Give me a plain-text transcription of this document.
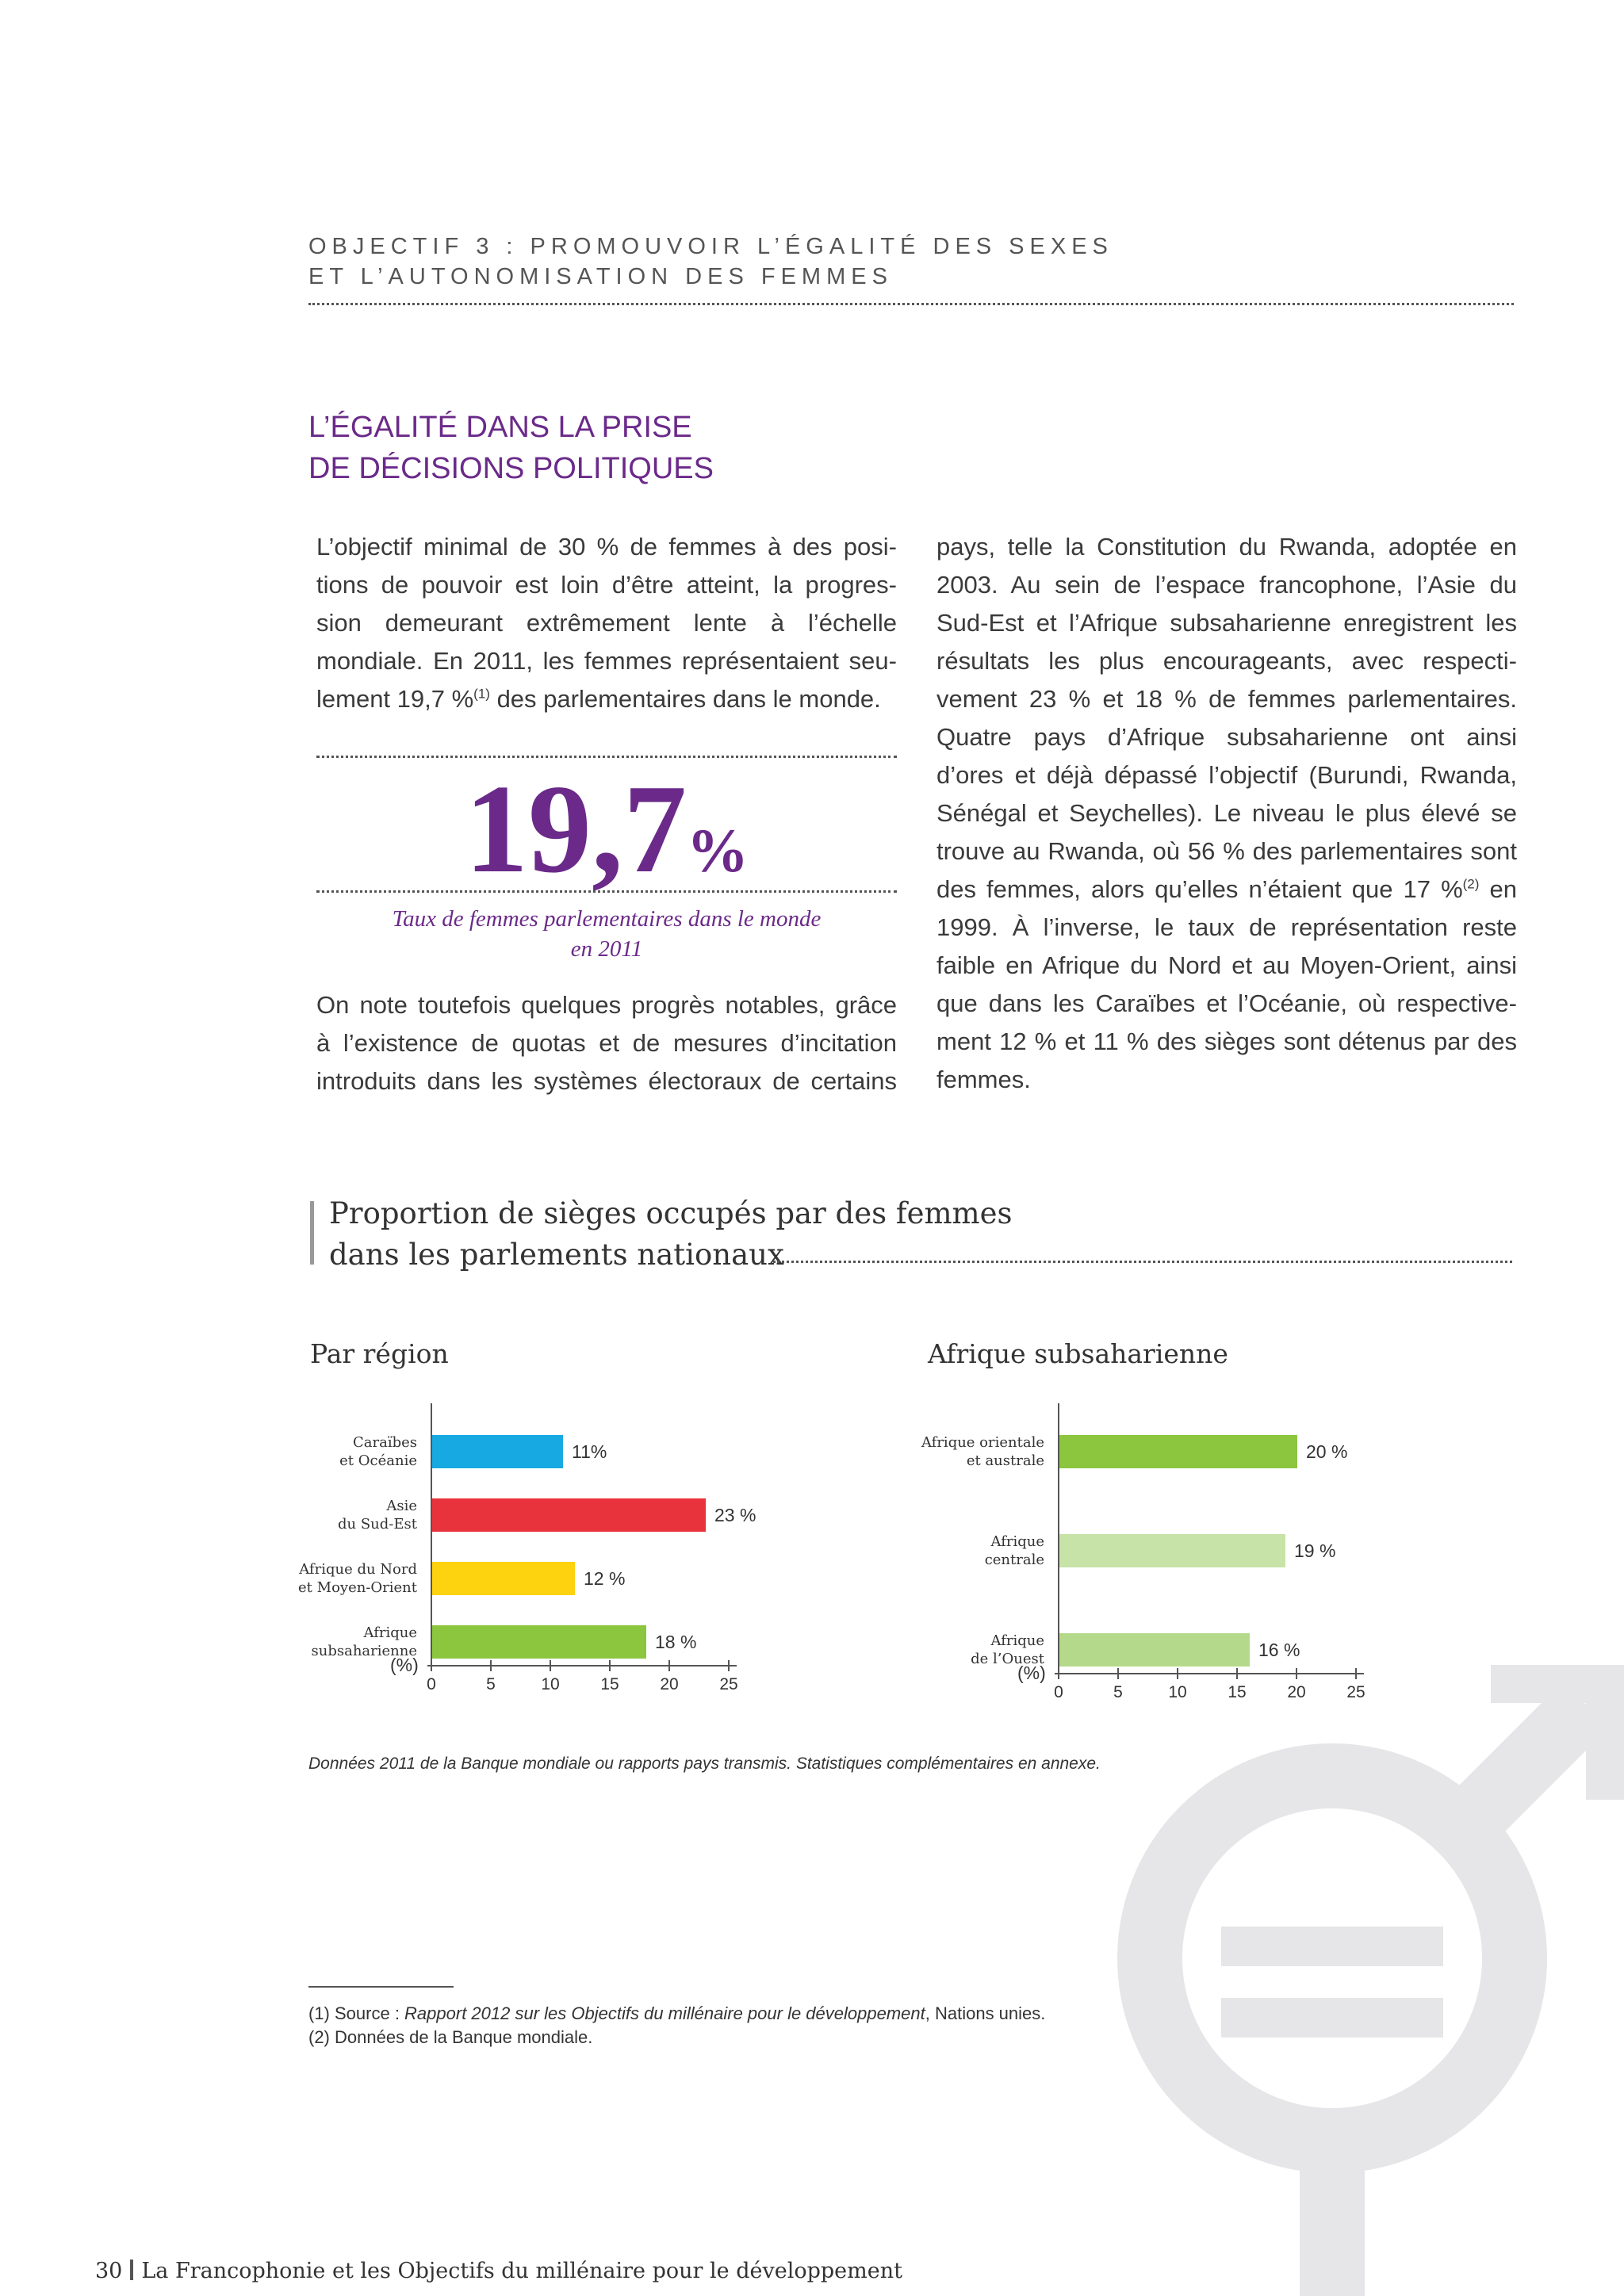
OBJECTIF 3 : PROMOUVOIR L’ÉGALITÉ DES SEXES
ET L’AUTONOMISATION DES FEMMES
L’ÉGALITÉ DANS LA PRISE
DE DÉCISIONS POLITIQUES
L’objectif minimal de 30 % de femmes à des posi-
tions de pouvoir est loin d’être atteint, la progres-
sion demeurant extrêmement lente à l’échelle
mondiale. En 2011, les femmes représentaient seu-
lement 19,7 %$^{(1)}$ des parlementaires dans le monde.
19,7%
Taux de femmes parlementaires dans le monde
en 2011
On note toutefois quelques progrès notables, grâce
à l’existence de quotas et de mesures d’incitation
introduits dans les systèmes électoraux de certains
pays, telle la Constitution du Rwanda, adoptée en
2003. Au sein de l’espace francophone, l’Asie du
Sud-Est et l’Afrique subsaharienne enregistrent les
résultats les plus encourageants, avec respecti-
vement 23 % et 18 % de femmes parlementaires.
Quatre pays d’Afrique subsaharienne ont ainsi
d’ores et déjà dépassé l’objectif (Burundi, Rwanda,
Sénégal et Seychelles). Le niveau le plus élevé se
trouve au Rwanda, où 56 % des parlementaires sont
des femmes, alors qu’elles n’étaient que 17 %$^{(2)}$ en
1999. À l’inverse, le taux de représentation reste
faible en Afrique du Nord et au Moyen-Orient, ainsi
que dans les Caraïbes et l’Océanie, où respective-
ment 12 % et 11 % des sièges sont détenus par des
femmes.
Proportion de sièges occupés par des femmes
dans les parlements nationaux
Par région
Caraïbes
et Océanie	11%
Asie
du Sud-Est	23 %
Afrique du Nord
et Moyen-Orient	12 %
Afrique
subsaharienne	18 %
0	5	10	15	20	25
(%)
Afrique subsaharienne
Afrique orientale
et australe	20 %
Afrique
centrale	19 %
Afrique
de l’Ouest	16 %
0	5	10	15	20	25
(%)
Données 2011 de la Banque mondiale ou rapports pays transmis. Statistiques complémentaires en annexe.
(1) Source : Rapport 2012 sur les Objectifs du millénaire pour le développement, Nations unies.
(2) Données de la Banque mondiale.
30 La Francophonie et les Objectifs du millénaire pour le développement
